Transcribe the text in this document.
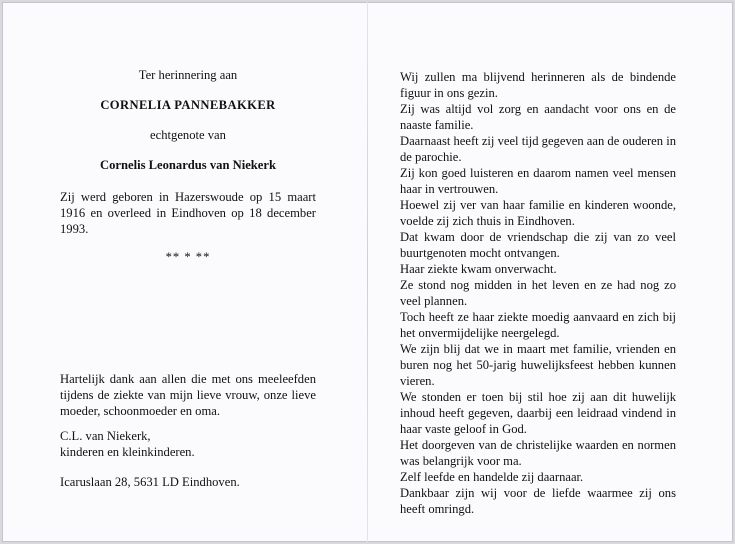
Ter herinnering aan
CORNELIA PANNEBAKKER
echtgenote van
Cornelis Leonardus van Niekerk
Zij werd geboren in Hazerswoude op 15 maart 1916 en overleed in Eindhoven op 18 december 1993.
** * **
Hartelijk dank aan allen die met ons meeleefden tijdens de ziekte van mijn lieve vrouw, onze lieve moeder, schoonmoeder en oma.
C.L. van Niekerk,
kinderen en kleinkinderen.
Icaruslaan 28, 5631 LD Eindhoven.

Wij zullen ma blijvend herinneren als de bindende figuur in ons gezin.

Zij was altijd vol zorg en aandacht voor ons en de naaste familie.

Daarnaast heeft zij veel tijd gegeven aan de ouderen in de parochie.

Zij kon goed luisteren en daarom namen veel mensen haar in vertrouwen.

Hoewel zij ver van haar familie en kinderen woonde, voelde zij zich thuis in Eindhoven.

Dat kwam door de vriendschap die zij van zo veel buurtgenoten mocht ontvangen.

Haar ziekte kwam onverwacht.

Ze stond nog midden in het leven en ze had nog zo veel plannen.

Toch heeft ze haar ziekte moedig aanvaard en zich bij het onvermijdelijke neergelegd.

We zijn blij dat we in maart met familie, vrienden en buren nog het 50-jarig huwelijksfeest hebben kunnen vieren.

We stonden er toen bij stil hoe zij aan dit huwelijk inhoud heeft gegeven, daarbij een leidraad vindend in haar vaste geloof in God.

Het doorgeven van de christelijke waarden en normen was belangrijk voor ma.

Zelf leefde en handelde zij daarnaar.

Dankbaar zijn wij voor de liefde waarmee zij ons heeft omringd.
